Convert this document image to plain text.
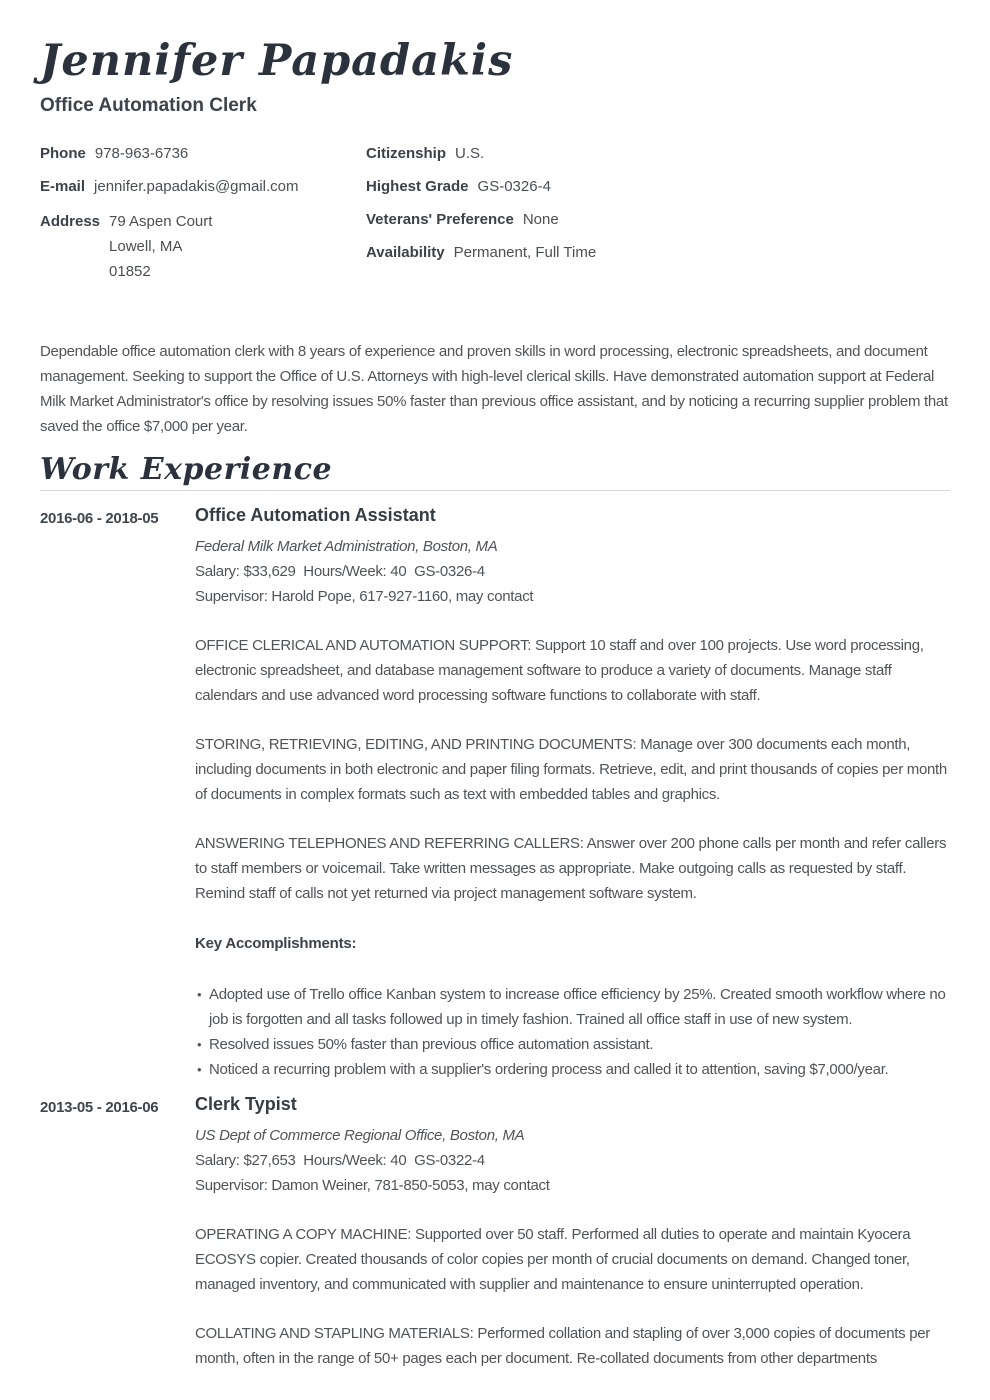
Jennifer Papadakis
Office Automation Clerk
Phone 978-963-6736
E-mail jennifer.papadakis@gmail.com
Address 79 Aspen Court
Lowell, MA
01852
Citizenship U.S.
Highest Grade GS-0326-4
Veterans' Preference None
Availability Permanent, Full Time

Dependable office automation clerk with 8 years of experience and proven skills in word processing, electronic spreadsheets, and document management. Seeking to support the Office of U.S. Attorneys with high-level clerical skills. Have demonstrated automation support at Federal Milk Market Administrator's office by resolving issues 50% faster than previous office assistant, and by noticing a recurring supplier problem that saved the office $7,000 per year.

Work Experience
2016-06 - 2018-05	Office Automation Assistant
Federal Milk Market Administration, Boston, MA
Salary: $33,629  Hours/Week: 40  GS-0326-4
Supervisor: Harold Pope, 617-927-1160, may contact

OFFICE CLERICAL AND AUTOMATION SUPPORT: Support 10 staff and over 100 projects. Use word processing, electronic spreadsheet, and database management software to produce a variety of documents. Manage staff calendars and use advanced word processing software functions to collaborate with staff.

STORING, RETRIEVING, EDITING, AND PRINTING DOCUMENTS: Manage over 300 documents each month, including documents in both electronic and paper filing formats. Retrieve, edit, and print thousands of copies per month of documents in complex formats such as text with embedded tables and graphics.

ANSWERING TELEPHONES AND REFERRING CALLERS: Answer over 200 phone calls per month and refer callers to staff members or voicemail. Take written messages as appropriate. Make outgoing calls as requested by staff. Remind staff of calls not yet returned via project management software system.

Key Accomplishments:

• Adopted use of Trello office Kanban system to increase office efficiency by 25%. Created smooth workflow where no job is forgotten and all tasks followed up in timely fashion. Trained all office staff in use of new system.
• Resolved issues 50% faster than previous office automation assistant.
• Noticed a recurring problem with a supplier's ordering process and called it to attention, saving $7,000/year.
2013-05 - 2016-06	Clerk Typist
US Dept of Commerce Regional Office, Boston, MA
Salary: $27,653  Hours/Week: 40  GS-0322-4
Supervisor: Damon Weiner, 781-850-5053, may contact

OPERATING A COPY MACHINE: Supported over 50 staff. Performed all duties to operate and maintain Kyocera ECOSYS copier. Created thousands of color copies per month of crucial documents on demand. Changed toner, managed inventory, and communicated with supplier and maintenance to ensure uninterrupted operation.

COLLATING AND STAPLING MATERIALS: Performed collation and stapling of over 3,000 copies of documents per month, often in the range of 50+ pages each per document. Re-collated documents from other departments
